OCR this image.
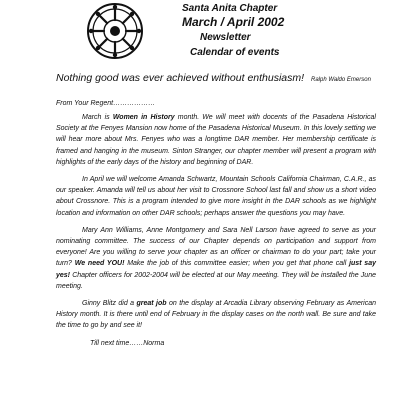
Santa Anita Chapter
March / April 2002
Newsletter
Calendar of events
Nothing good was ever achieved without enthusiasm! Ralph Waldo Emerson
From Your Regent………………

March is Women in History month. We will meet with docents of the Pasadena Historical Society at the Fenyes Mansion now home of the Pasadena Historical Museum. In this lovely setting we will hear more about Mrs. Fenyes who was a longtime DAR member. Her membership certificate is framed and hanging in the museum. Sinton Stranger, our chapter member will present a program with highlights of the early days of the history and beginning of DAR.

In April we will welcome Amanda Schwartz, Mountain Schools California Chairman, C.A.R., as our speaker. Amanda will tell us about her visit to Crossnore School last fall and show us a short video about Crossnore. This is a program intended to give more insight in the DAR schools as we highlight location and information on other DAR schools; perhaps answer the questions you may have.

Mary Ann Williams, Anne Montgomery and Sara Nell Larson have agreed to serve as your nominating committee. The success of our Chapter depends on participation and support from everyone! Are you willing to serve your chapter as an officer or chairman to do your part; take your turn? We need YOU! Make the job of this committee easier; when you get that phone call just say yes! Chapter officers for 2002-2004 will be elected at our May meeting. They will be installed the June meeting.

Ginny Blitz did a great job on the display at Arcadia Library observing February as American History month. It is there until end of February in the display cases on the north wall. Be sure and take the time to go by and see it!

Till next time……Norma
